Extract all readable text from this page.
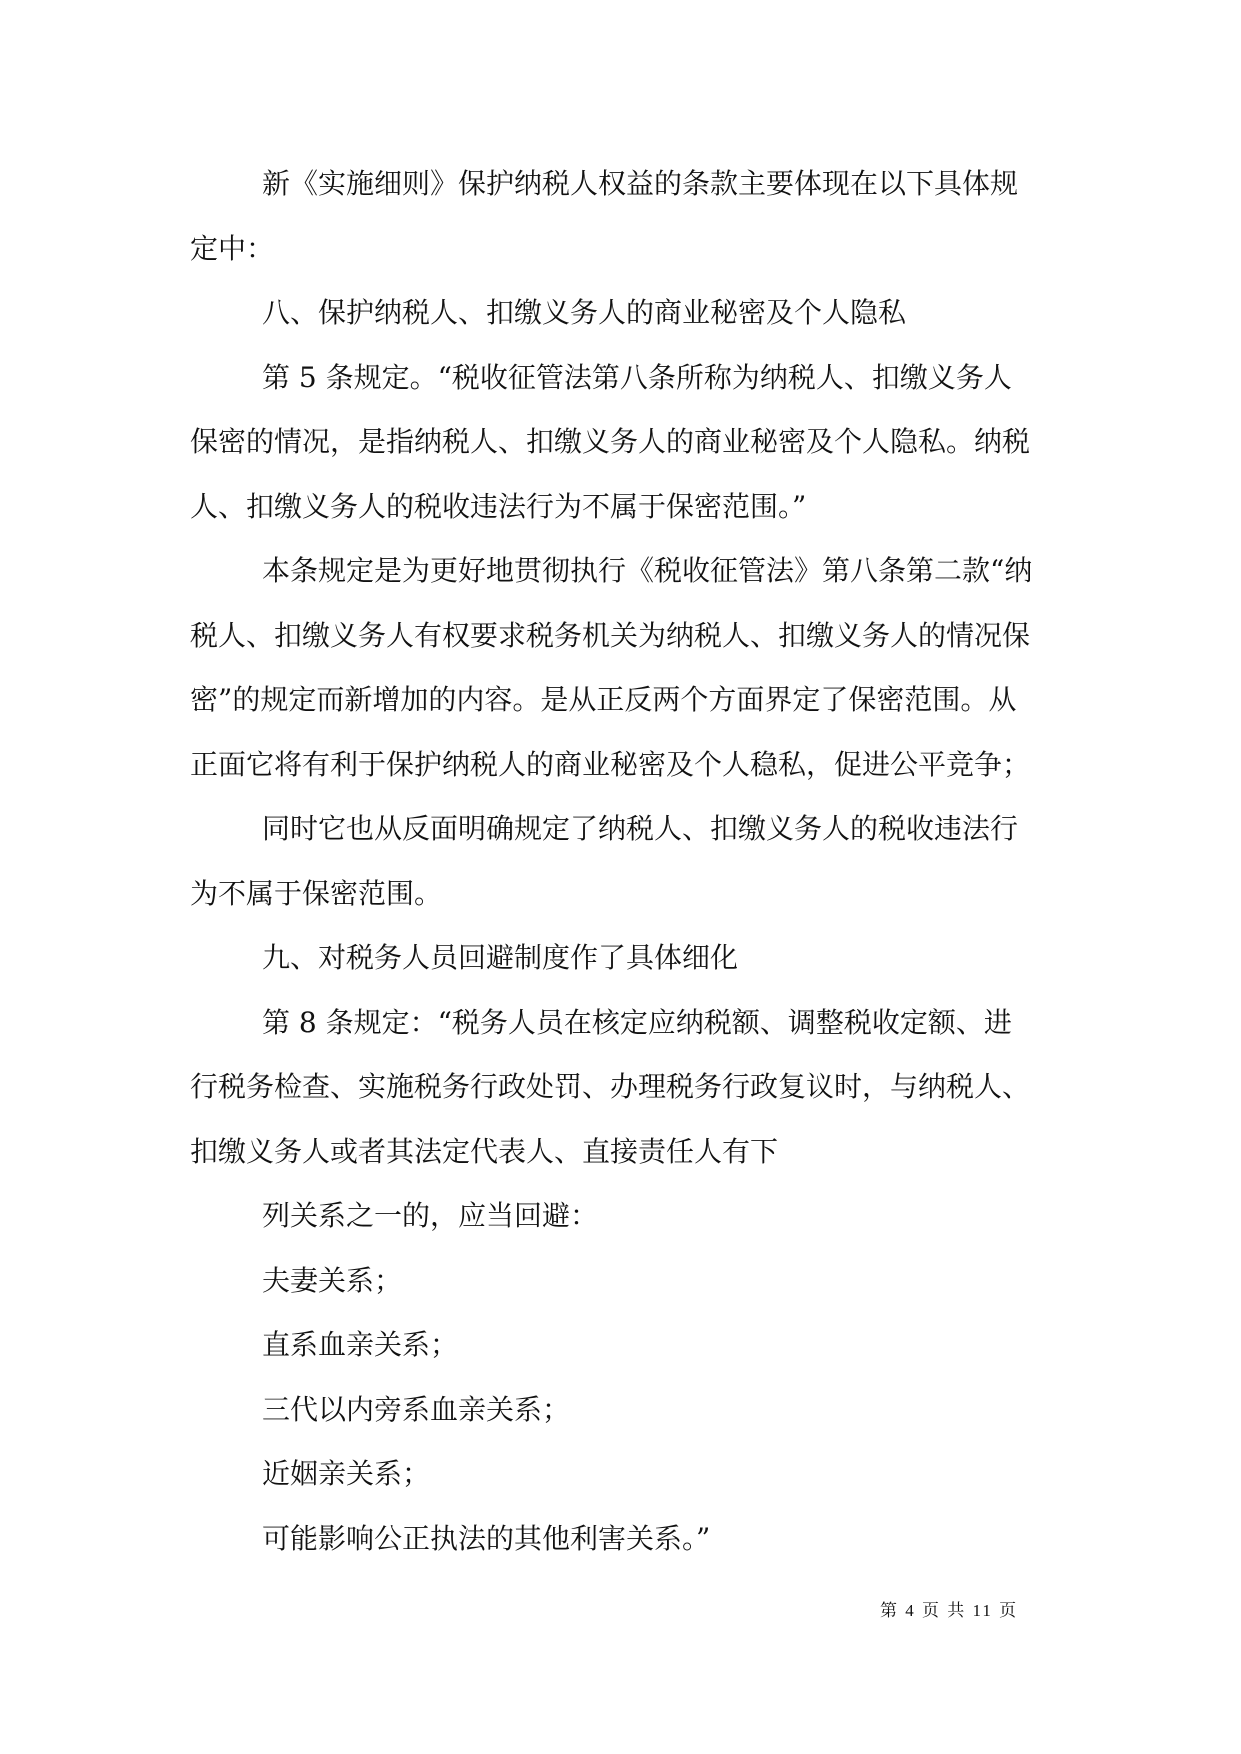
新《实施细则》保护纳税人权益的条款主要体现在以下具体规
定中：
八、保护纳税人、扣缴义务人的商业秘密及个人隐私
第 5 条规定。“税收征管法第八条所称为纳税人、扣缴义务人
保密的情况，是指纳税人、扣缴义务人的商业秘密及个人隐私。纳税
人、扣缴义务人的税收违法行为不属于保密范围。”
本条规定是为更好地贯彻执行《税收征管法》第八条第二款“纳
税人、扣缴义务人有权要求税务机关为纳税人、扣缴义务人的情况保
密”的规定而新增加的内容。是从正反两个方面界定了保密范围。从
正面它将有利于保护纳税人的商业秘密及个人稳私，促进公平竞争；
同时它也从反面明确规定了纳税人、扣缴义务人的税收违法行
为不属于保密范围。
九、对税务人员回避制度作了具体细化
第 8 条规定：“税务人员在核定应纳税额、调整税收定额、进
行税务检查、实施税务行政处罚、办理税务行政复议时，与纳税人、
扣缴义务人或者其法定代表人、直接责任人有下
列关系之一的，应当回避：
夫妻关系；
直系血亲关系；
三代以内旁系血亲关系；
近姻亲关系；
可能影响公正执法的其他利害关系。”
第 4 页 共 11 页
